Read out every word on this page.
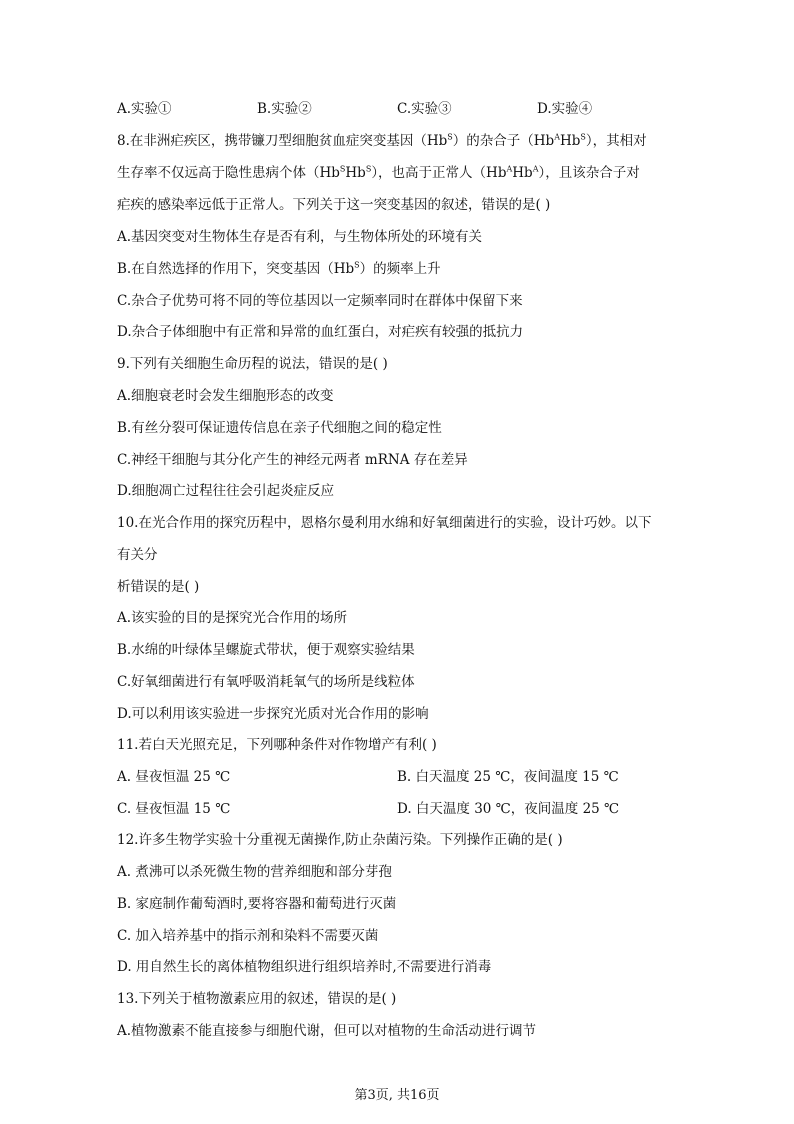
A.实验①	B.实验②	C.实验③	D.实验④
8.在非洲疟疾区，携带镰刀型细胞贫血症突变基因$(Hb^S)$的杂合子$(Hb^AHb^S)$，其相对
生存率不仅远高于隐性患病个体$(Hb^SHb^S)$，也高于正常人$(Hb^AHb^A)$，且该杂合子对
疟疾的感染率远低于正常人。下列关于这一突变基因的叙述，错误的是( )
A.基因突变对生物体生存是否有利，与生物体所处的环境有关
B.在自然选择的作用下，突变基因$(Hb^S)$的频率上升
C.杂合子优势可将不同的等位基因以一定频率同时在群体中保留下来
D.杂合子体细胞中有正常和异常的血红蛋白，对疟疾有较强的抵抗力
9.下列有关细胞生命历程的说法，错误的是( )
A.细胞衰老时会发生细胞形态的改变
B.有丝分裂可保证遗传信息在亲子代细胞之间的稳定性
C.神经干细胞与其分化产生的神经元两者 mRNA 存在差异
D.细胞凋亡过程往往会引起炎症反应
10.在光合作用的探究历程中，恩格尔曼利用水绵和好氧细菌进行的实验，设计巧妙。以下
有关分
析错误的是( )
A.该实验的目的是探究光合作用的场所
B.水绵的叶绿体呈螺旋式带状，便于观察实验结果
C.好氧细菌进行有氧呼吸消耗氧气的场所是线粒体
D.可以利用该实验进一步探究光质对光合作用的影响
11.若白天光照充足，下列哪种条件对作物增产有利( )
A. 昼夜恒温 25 ℃	B. 白天温度 25 ℃，夜间温度 15 ℃
C. 昼夜恒温 15 ℃	D. 白天温度 30 ℃，夜间温度 25 ℃
12.许多生物学实验十分重视无菌操作,防止杂菌污染。下列操作正确的是( )
A. 煮沸可以杀死微生物的营养细胞和部分芽孢
B. 家庭制作葡萄酒时,要将容器和葡萄进行灭菌
C. 加入培养基中的指示剂和染料不需要灭菌
D. 用自然生长的离体植物组织进行组织培养时,不需要进行消毒
13.下列关于植物激素应用的叙述，错误的是( )
A.植物激素不能直接参与细胞代谢，但可以对植物的生命活动进行调节
第3页, 共16页
